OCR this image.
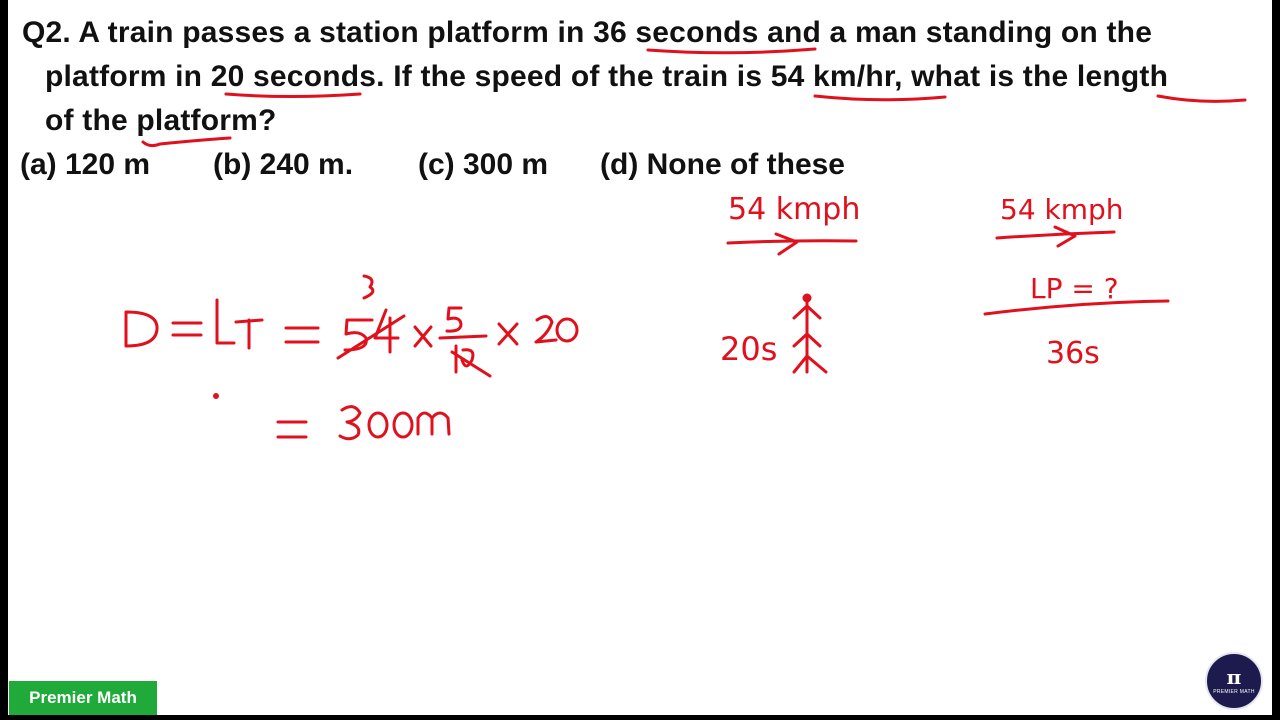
Q2. A train passes a station platform in 36 seconds and a man standing on the
platform in 20 seconds. If the speed of the train is 54 km/hr, what is the length
of the platform?
(a) 120 m (b) 240 m. (c) 300 m (d) None of these
54 kmph
20s
54 kmph
LP = ?
36s
Premier Math
π
PREMIER MATH
